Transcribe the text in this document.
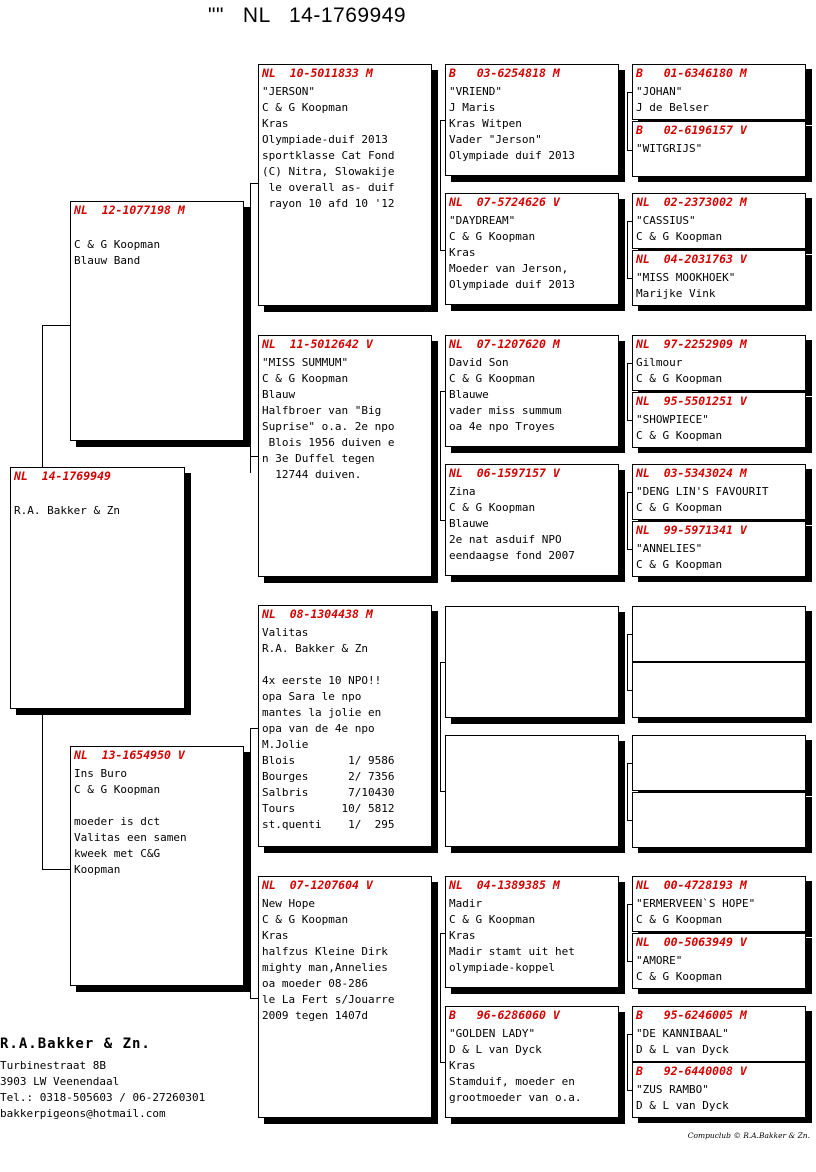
""   NL   14-1769949
NL  14-1769949

R.A. Bakker & Zn
NL  12-1077198 M

C & G Koopman
Blauw Band
NL  13-1654950 V
Ins Buro
C & G Koopman

moeder is dct
Valitas een samen
kweek met C&G
Koopman
NL  10-5011833 M
"JERSON"
C & G Koopman
Kras
Olympiade-duif 2013
sportklasse Cat Fond
(C) Nitra, Slowakije
le overall as- duif
rayon 10 afd 10 '12
NL  11-5012642 V
"MISS SUMMUM"
C & G Koopman
Blauw
Halfbroer van "Big
Suprise" o.a. 2e npo
Blois 1956 duiven e
n 3e Duffel tegen
12744 duiven.
NL  08-1304438 M
Valitas
R.A. Bakker & Zn

4x eerste 10 NPO!!
opa Sara le npo
mantes la jolie en
opa van de 4e npo
M.Jolie
Blois        1/ 9586
Bourges      2/ 7356
Salbris      7/10430
Tours       10/ 5812
st.quenti    1/  295
NL  07-1207604 V
New Hope
C & G Koopman
Kras
halfzus Kleine Dirk
mighty man,Annelies
oa moeder 08-286
le La Fert s/Jouarre
2009 tegen 1407d
B   03-6254818 M
"VRIEND"
J Maris
Kras Witpen
Vader "Jerson"
Olympiade duif 2013
NL  07-5724626 V
"DAYDREAM"
C & G Koopman
Kras
Moeder van Jerson,
Olympiade duif 2013
NL  07-1207620 M
David Son
C & G Koopman
Blauwe
vader miss summum
oa 4e npo Troyes
NL  06-1597157 V
Zina
C & G Koopman
Blauwe
2e nat asduif NPO
eendaagse fond 2007
NL  04-1389385 M
Madir
C & G Koopman
Kras
Madir stamt uit het
olympiade-koppel
B   96-6286060 V
"GOLDEN LADY"
D & L van Dyck
Kras
Stamduif, moeder en
grootmoeder van o.a.
B   01-6346180 M
"JOHAN"
J de Belser
B   02-6196157 V
"WITGRIJS"
NL  02-2373002 M
"CASSIUS"
C & G Koopman
NL  04-2031763 V
"MISS MOOKHOEK"
Marijke Vink
NL  97-2252909 M
Gilmour
C & G Koopman
NL  95-5501251 V
"SHOWPIECE"
C & G Koopman
NL  03-5343024 M
"DENG LIN'S FAVOURIT
C & G Koopman
NL  99-5971341 V
"ANNELIES"
C & G Koopman
NL  00-4728193 M
"ERMERVEEN`S HOPE"
C & G Koopman
NL  00-5063949 V
"AMORE"
C & G Koopman
B   95-6246005 M
"DE KANNIBAAL"
D & L van Dyck
B   92-6440008 V
"ZUS RAMBO"
D & L van Dyck
R.A.Bakker & Zn.
Turbinestraat 8B
3903 LW Veenendaal
Tel.: 0318-505603 / 06-27260301
bakkerpigeons@hotmail.com
Compuclub © R.A.Bakker & Zn.
